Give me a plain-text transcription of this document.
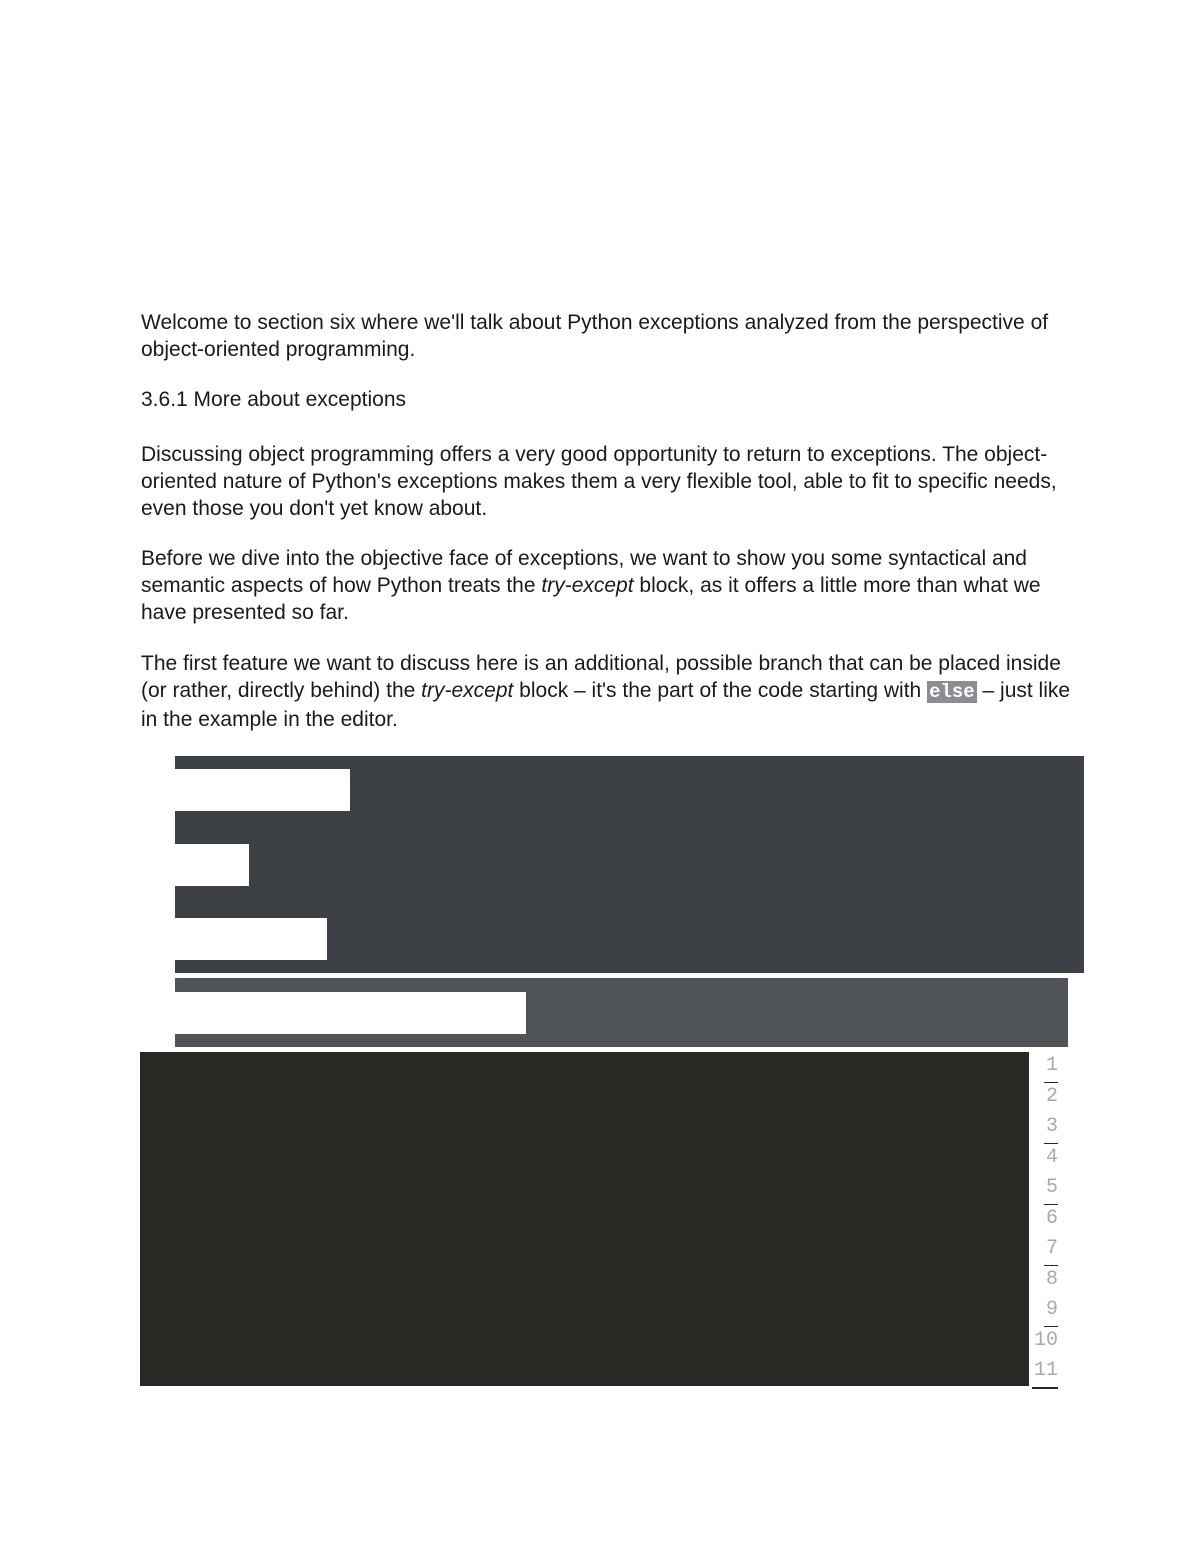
Welcome to section six where we'll talk about Python exceptions analyzed from the perspective of object-oriented programming.

3.6.1 More about exceptions

Discussing object programming offers a very good opportunity to return to exceptions. The object-oriented nature of Python's exceptions makes them a very flexible tool, able to fit to specific needs, even those you don't yet know about.

Before we dive into the objective face of exceptions, we want to show you some syntactical and semantic aspects of how Python treats the try-except block, as it offers a little more than what we have presented so far.

The first feature we want to discuss here is an additional, possible branch that can be placed inside (or rather, directly behind) the try-except block – it's the part of the code starting with else – just like in the example in the editor.

1
2
3
4
5
6
7
8
9
10
11
